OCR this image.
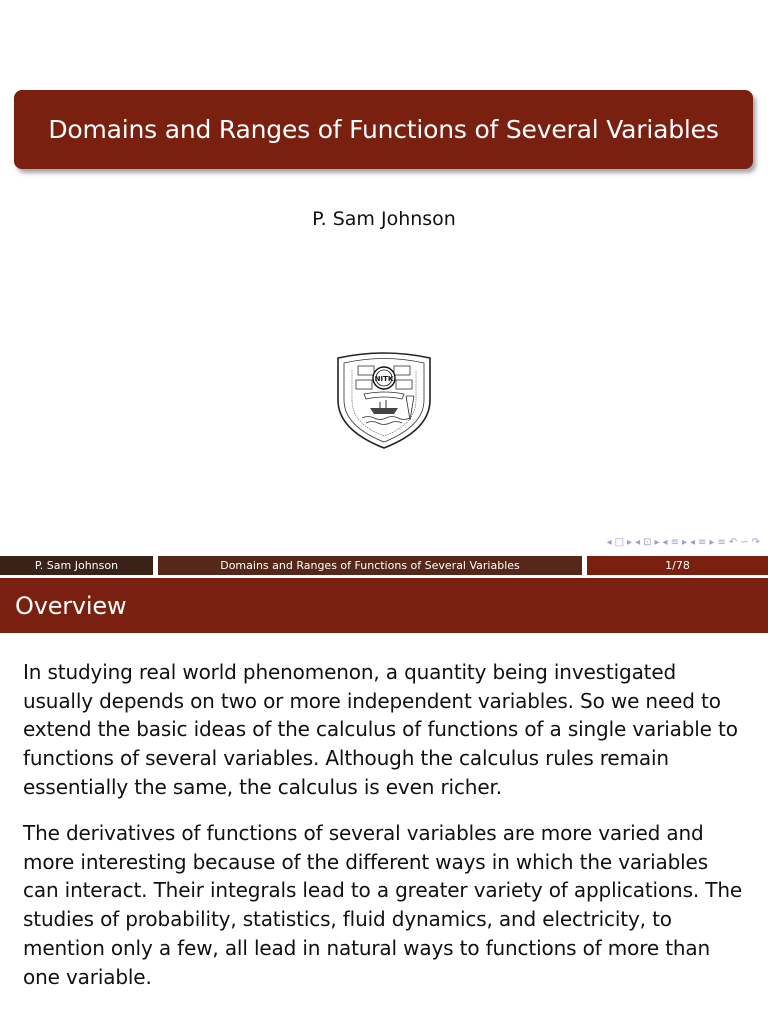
Domains and Ranges of Functions of Several Variables
P. Sam Johnson
NITK
◂ □ ▸ ◂ ⊡ ▸ ◂ ≡ ▸ ◂ ≡ ▸ ≡ ↶ ∽ ↷
P. Sam Johnson	Domains and Ranges of Functions of Several Variables	1/78
Overview

In studying real world phenomenon, a quantity being investigated usually depends on two or more independent variables. So we need to extend the basic ideas of the calculus of functions of a single variable to functions of several variables. Although the calculus rules remain essentially the same, the calculus is even richer.

The derivatives of functions of several variables are more varied and more interesting because of the different ways in which the variables can interact. Their integrals lead to a greater variety of applications. The studies of probability, statistics, fluid dynamics, and electricity, to mention only a few, all lead in natural ways to functions of more than one variable.
